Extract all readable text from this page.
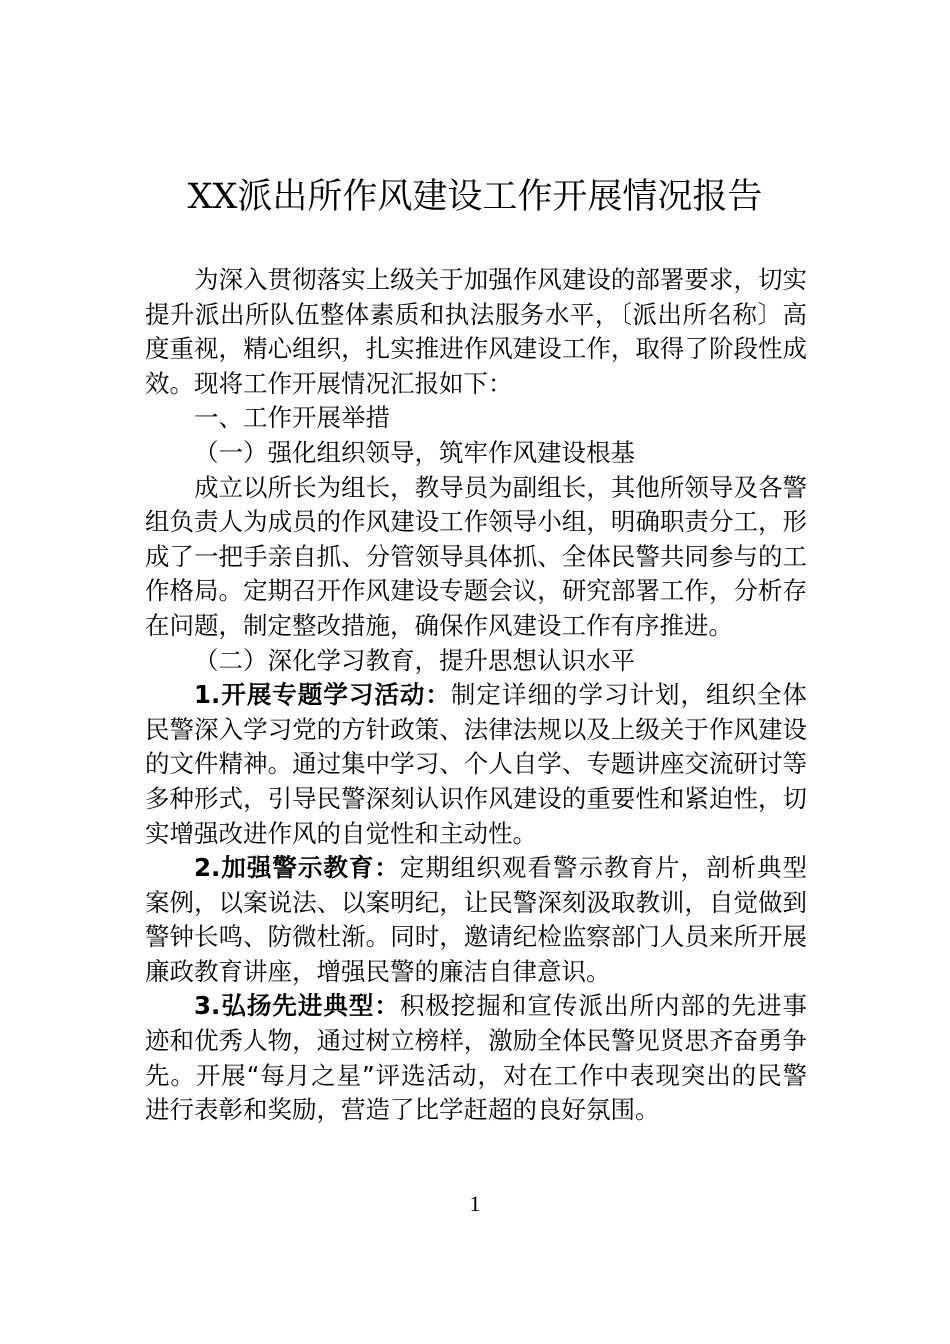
XX派出所作风建设工作开展情况报告

为深入贯彻落实上级关于加强作风建设的部署要求，切实提升派出所队伍整体素质和执法服务水平，〔派出所名称〕高度重视，精心组织，扎实推进作风建设工作，取得了阶段性成效。现将工作开展情况汇报如下：

一、工作开展举措

（一）强化组织领导，筑牢作风建设根基

成立以所长为组长，教导员为副组长，其他所领导及各警组负责人为成员的作风建设工作领导小组，明确职责分工，形成了一把手亲自抓、分管领导具体抓、全体民警共同参与的工作格局。定期召开作风建设专题会议，研究部署工作，分析存在问题，制定整改措施，确保作风建设工作有序推进。

（二）深化学习教育，提升思想认识水平

1.开展专题学习活动：制定详细的学习计划，组织全体民警深入学习党的方针政策、法律法规以及上级关于作风建设的文件精神。通过集中学习、个人自学、专题讲座交流研讨等多种形式，引导民警深刻认识作风建设的重要性和紧迫性，切实增强改进作风的自觉性和主动性。

2.加强警示教育：定期组织观看警示教育片，剖析典型案例，以案说法、以案明纪，让民警深刻汲取教训，自觉做到警钟长鸣、防微杜渐。同时，邀请纪检监察部门人员来所开展廉政教育讲座，增强民警的廉洁自律意识。

3.弘扬先进典型：积极挖掘和宣传派出所内部的先进事迹和优秀人物，通过树立榜样，激励全体民警见贤思齐奋勇争先。开展“每月之星”评选活动，对在工作中表现突出的民警进行表彰和奖励，营造了比学赶超的良好氛围。

1
